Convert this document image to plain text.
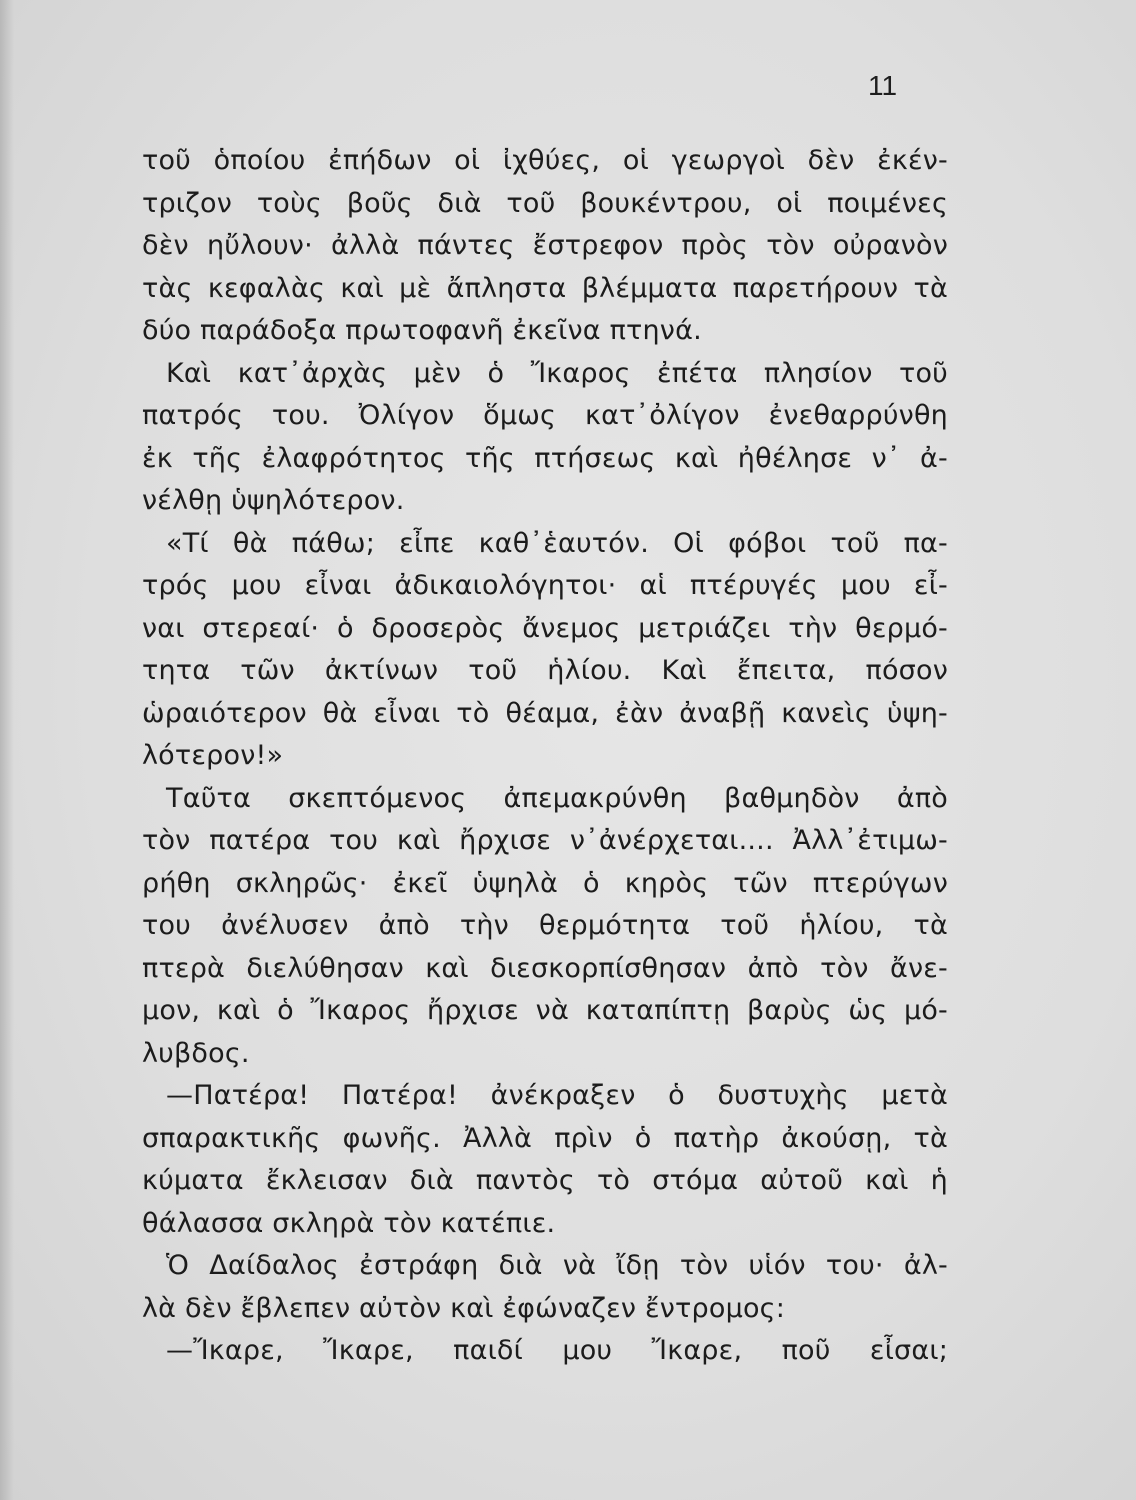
11
τοῦ ὁποίου ἐπήδων οἱ ἰχθύες, οἱ γεωργοὶ δὲν ἐκέν-
τριζον τοὺς βοῦς διὰ τοῦ βουκέντρου, οἱ ποιμένες
δὲν ηὔλουν· ἀλλὰ πάντες ἔστρεφον πρὸς τὸν οὐρανὸν
τὰς κεφαλὰς καὶ μὲ ἄπληστα βλέμματα παρετήρουν τὰ
δύο παράδοξα πρωτοφανῆ ἐκεῖνα πτηνά.
Καὶ κατ᾽ἀρχὰς μὲν ὁ Ἴκαρος ἐπέτα πλησίον τοῦ
πατρός του. Ὀλίγον ὅμως κατ᾽ὀλίγον ἐνεθαρρύνθη
ἐκ τῆς ἐλαφρότητος τῆς πτήσεως καὶ ἠθέλησε ν᾽ ἀ-
νέλθῃ ὑψηλότερον.
«Τί θὰ πάθω; εἶπε καθ᾽ἑαυτόν. Οἱ φόβοι τοῦ πα-
τρός μου εἶναι ἀδικαιολόγητοι· αἱ πτέρυγές μου εἶ-
ναι στερεαί· ὁ δροσερὸς ἄνεμος μετριάζει τὴν θερμό-
τητα τῶν ἀκτίνων τοῦ ἡλίου. Καὶ ἔπειτα, πόσον
ὡραιότερον θὰ εἶναι τὸ θέαμα, ἐὰν ἀναβῇ κανεὶς ὑψη-
λότερον!»
Ταῦτα σκεπτόμενος ἀπεμακρύνθη βαθμηδὸν ἀπὸ
τὸν πατέρα του καὶ ἤρχισε ν᾽ἀνέρχεται.... Ἀλλ᾽ἐτιμω-
ρήθη σκληρῶς· ἐκεῖ ὑψηλὰ ὁ κηρὸς τῶν πτερύγων
του ἀνέλυσεν ἀπὸ τὴν θερμότητα τοῦ ἡλίου, τὰ
πτερὰ διελύθησαν καὶ διεσκορπίσθησαν ἀπὸ τὸν ἄνε-
μον, καὶ ὁ Ἴκαρος ἤρχισε νὰ καταπίπτῃ βαρὺς ὡς μό-
λυβδος.
—Πατέρα! Πατέρα! ἀνέκραξεν ὁ δυστυχὴς μετὰ
σπαρακτικῆς φωνῆς. Ἀλλὰ πρὶν ὁ πατὴρ ἀκούσῃ, τὰ
κύματα ἔκλεισαν διὰ παντὸς τὸ στόμα αὐτοῦ καὶ ἡ
θάλασσα σκληρὰ τὸν κατέπιε.
Ὁ Δαίδαλος ἐστράφη διὰ νὰ ἴδῃ τὸν υἱόν του· ἀλ-
λὰ δὲν ἔβλεπεν αὐτὸν καὶ ἐφώναζεν ἔντρομος:
—Ἴκαρε, Ἴκαρε, παιδί μου Ἴκαρε, ποῦ εἶσαι;
